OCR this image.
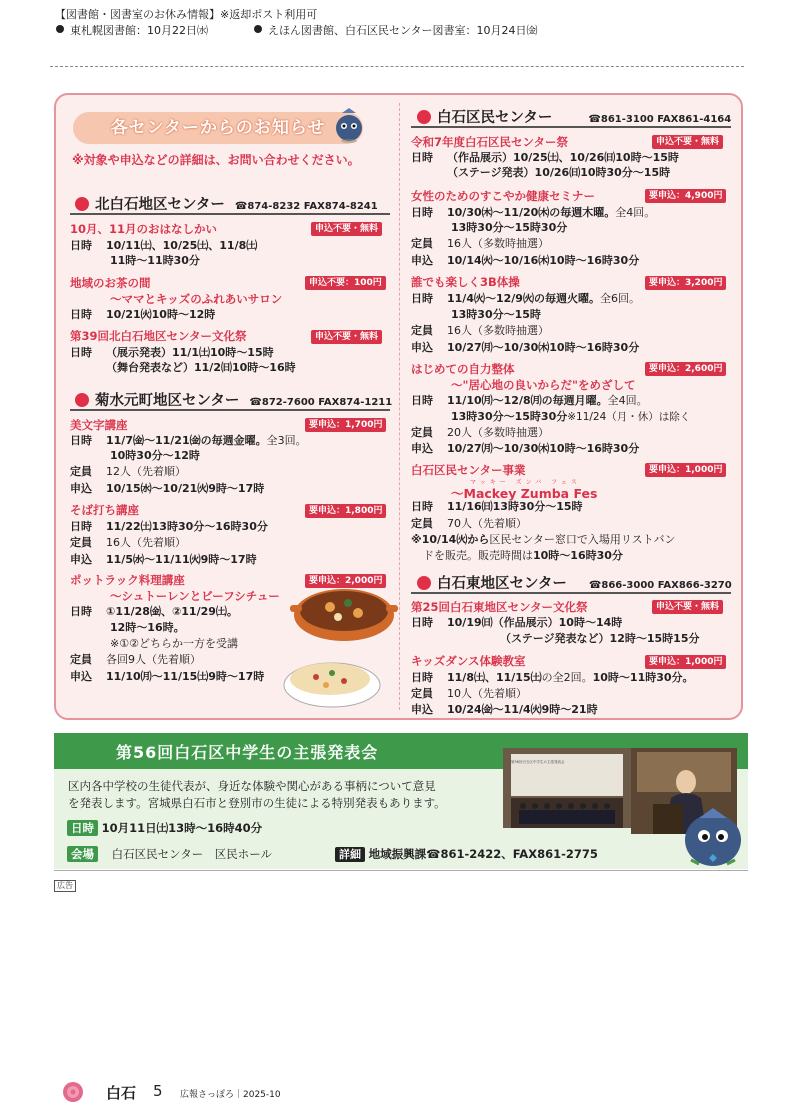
【図書館・図書室のお休み情報】※返却ポスト利用可
東札幌図書館：10月22日㈬	えほん図書館、白石区民センター図書室：10月24日㈮
各センターからのお知らせ
※対象や申込などの詳細は、お問い合わせください。
北白石地区センター ☎874-8232 FAX874-8241
10月、11月のおはなしかい	申込不要・無料
日時 10/11㈯、10/25㈯、11/8㈯
11時〜11時30分
地域のお茶の間	申込不要：100円
〜ママとキッズのふれあいサロン
日時 10/21㈫10時〜12時
第39回北白石地区センター文化祭	申込不要・無料
日時 （展示発表）11/1㈯10時〜15時
（舞台発表など）11/2㈰10時〜16時
菊水元町地区センター ☎872-7600 FAX874-1211
美文字講座	要申込：1,700円
日時 11/7㈮〜11/21㈮の毎週金曜。全3回。
10時30分〜12時
定員 12人（先着順）
申込 10/15㈬〜10/21㈫9時〜17時
そば打ち講座	要申込：1,800円
日時 11/22㈯13時30分〜16時30分
定員 16人（先着順）
申込 11/5㈬〜11/11㈫9時〜17時
ポットラック料理講座	要申込：2,000円
〜シュトーレンとビーフシチュー
日時 ①11/28㈮、②11/29㈯。
12時〜16時。
※①②どちらか一方を受講
定員 各回9人（先着順）
申込 11/10㈪〜11/15㈯9時〜17時
白石区民センター	☎861-3100 FAX861-4164
令和7年度白石区民センター祭	申込不要・無料
日時 （作品展示）10/25㈯、10/26㈰10時〜15時
（ステージ発表）10/26㈰10時30分〜15時
女性のためのすこやか健康セミナー	要申込：4,900円
日時 10/30㈭〜11/20㈭の毎週木曜。全4回。
13時30分〜15時30分
定員 16人（多数時抽選）
申込 10/14㈫〜10/16㈭10時〜16時30分
誰でも楽しく3B体操	要申込：3,200円
日時 11/4㈫〜12/9㈫の毎週火曜。全6回。
13時30分〜15時
定員 16人（多数時抽選）
申込 10/27㈪〜10/30㈭10時〜16時30分
はじめての自力整体	要申込：2,600円
〜"居心地の良いからだ"をめざして
日時 11/10㈪〜12/8㈪の毎週月曜。全4回。
13時30分〜15時30分※11/24（月・休）は除く
定員 20人（多数時抽選）
申込 10/27㈪〜10/30㈭10時〜16時30分
白石区民センター事業	要申込：1,000円
マッキー ズンバ フェス
〜Mackey Zumba Fes
日時 11/16㈰13時30分〜15時
定員 70人（先着順）
※10/14㈫から区民センター窓口で入場用リストバン
ドを販売。販売時間は10時〜16時30分
白石東地区センター ☎866-3000 FAX866-3270
第25回白石東地区センター文化祭	申込不要・無料
日時 10/19㈰（作品展示）10時〜14時
（ステージ発表など）12時〜15時15分
キッズダンス体験教室	要申込：1,000円
日時 11/8㈯、11/15㈯の全2回。10時〜11時30分。
定員 10人（先着順）
申込 10/24㈮〜11/4㈫9時〜21時
第56回白石区中学生の主張発表会
区内各中学校の生徒代表が、身近な体験や関心がある事柄について意見
を発表します。宮城県白石市と登別市の生徒による特別発表もあります。
日時 10月11日㈯13時〜16時40分
会場 白石区民センター　区民ホール	詳細 地域振興課☎861-2422、FAX861-2775
第56回白石区中学生の主張発表会
広告
白石 5 広報さっぽろ｜2025-10
